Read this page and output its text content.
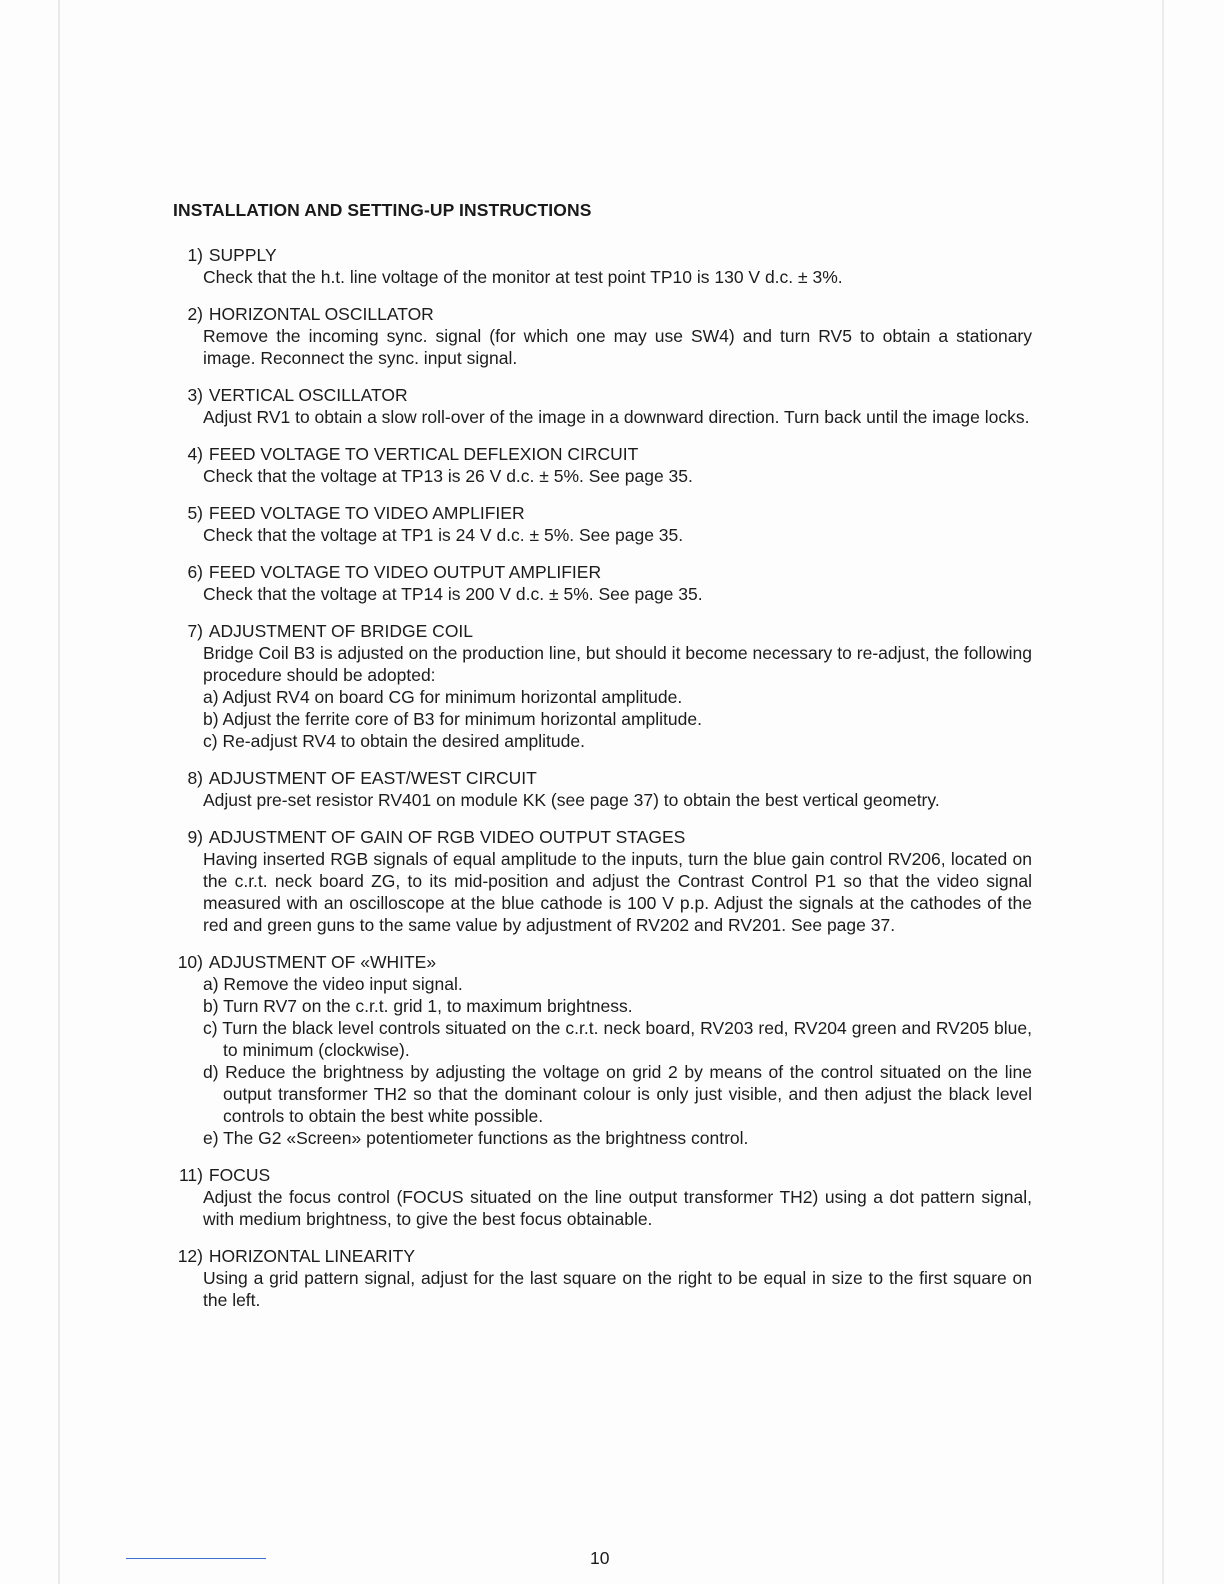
INSTALLATION AND SETTING-UP INSTRUCTIONS
1)
SUPPLY
Check that the h.t. line voltage of the monitor at test point TP10 is 130 V d.c. ± 3%.
2)
HORIZONTAL OSCILLATOR
Remove the incoming sync. signal (for which one may use SW4) and turn RV5 to obtain a stationary image. Reconnect the sync. input signal.
3)
VERTICAL OSCILLATOR
Adjust RV1 to obtain a slow roll-over of the image in a downward direction. Turn back until the image locks.
4)
FEED VOLTAGE TO VERTICAL DEFLEXION CIRCUIT
Check that the voltage at TP13 is 26 V d.c. ± 5%. See page 35.
5)
FEED VOLTAGE TO VIDEO AMPLIFIER
Check that the voltage at TP1 is 24 V d.c. ± 5%. See page 35.
6)
FEED VOLTAGE TO VIDEO OUTPUT AMPLIFIER
Check that the voltage at TP14 is 200 V d.c. ± 5%. See page 35.
7)
ADJUSTMENT OF BRIDGE COIL
Bridge Coil B3 is adjusted on the production line, but should it become necessary to re-adjust, the following procedure should be adopted:
a) Adjust RV4 on board CG for minimum horizontal amplitude.
b) Adjust the ferrite core of B3 for minimum horizontal amplitude.
c) Re-adjust RV4 to obtain the desired amplitude.
8)
ADJUSTMENT OF EAST/WEST CIRCUIT
Adjust pre-set resistor RV401 on module KK (see page 37) to obtain the best vertical geometry.
9)
ADJUSTMENT OF GAIN OF RGB VIDEO OUTPUT STAGES
Having inserted RGB signals of equal amplitude to the inputs, turn the blue gain control RV206, located on the c.r.t. neck board ZG, to its mid-position and adjust the Contrast Control P1 so that the video signal measured with an oscilloscope at the blue cathode is 100 V p.p. Adjust the signals at the cathodes of the red and green guns to the same value by adjustment of RV202 and RV201. See page 37.
10)
ADJUSTMENT OF «WHITE»
a) Remove the video input signal.
b) Turn RV7 on the c.r.t. grid 1, to maximum brightness.
c) Turn the black level controls situated on the c.r.t. neck board, RV203 red, RV204 green and RV205 blue, to minimum (clockwise).
d) Reduce the brightness by adjusting the voltage on grid 2 by means of the control situated on the line output transformer TH2 so that the dominant colour is only just visible, and then adjust the black level controls to obtain the best white possible.
e) The G2 «Screen» potentiometer functions as the brightness control.
11)
FOCUS
Adjust the focus control (FOCUS situated on the line output transformer TH2) using a dot pattern signal, with medium brightness, to give the best focus obtainable.
12)
HORIZONTAL LINEARITY
Using a grid pattern signal, adjust for the last square on the right to be equal in size to the first square on the left.
10
